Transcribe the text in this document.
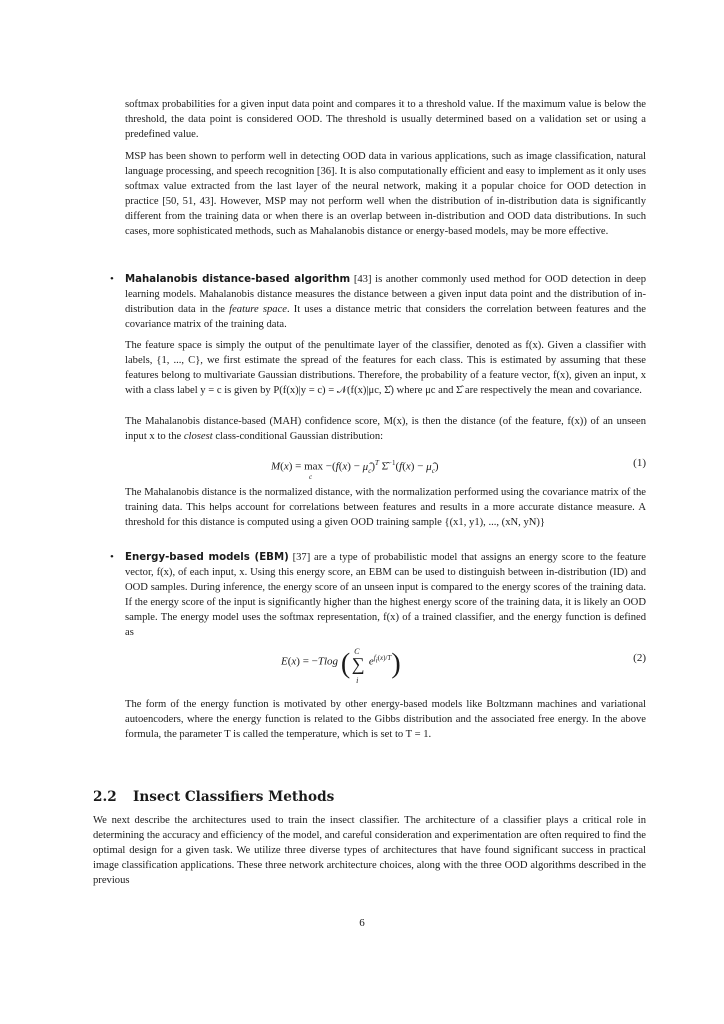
softmax probabilities for a given input data point and compares it to a threshold value. If the maximum value is below the threshold, the data point is considered OOD. The threshold is usually determined based on a validation set or using a predefined value.
MSP has been shown to perform well in detecting OOD data in various applications, such as image classification, natural language processing, and speech recognition [36]. It is also computationally efficient and easy to implement as it only uses softmax value extracted from the last layer of the neural network, making it a popular choice for OOD detection in practice [50, 51, 43]. However, MSP may not perform well when the distribution of in-distribution data is significantly different from the training data or when there is an overlap between in-distribution and OOD data distributions. In such cases, more sophisticated methods, such as Mahalanobis distance or energy-based models, may be more effective.
• Mahalanobis distance-based algorithm [43] is another commonly used method for OOD detection in deep learning models. Mahalanobis distance measures the distance between a given input data point and the distribution of in-distribution data in the feature space. It uses a distance metric that considers the correlation between features and the covariance matrix of the training data.
The feature space is simply the output of the penultimate layer of the classifier, denoted as f(x). Given a classifier with labels, {1, ..., C}, we first estimate the spread of the features for each class. This is estimated by assuming that these features belong to multivariate Gaussian distributions. Therefore, the probability of a feature vector, f(x), given an input, x with a class label y = c is given by P(f(x)|y = c) = 𝒩(f(x)|μc, Σ̂) where μc and Σ̂ are respectively the mean and covariance.
The Mahalanobis distance-based (MAH) confidence score, M(x), is then the distance (of the feature, f(x)) of an unseen input x to the closest class-conditional Gaussian distribution:
M(x) = max
c
$-(f(x) - \mû_c)^T$ Σ̂$^{-1}$(f(x) − $\mû_c$)	(1)
The Mahalanobis distance is the normalized distance, with the normalization performed using the covariance matrix of the training data. This helps account for correlations between features and results in a more accurate distance measure. A threshold for this distance is computed using a given OOD training sample {(x1, y1), ..., (xN, yN)}
• Energy-based models (EBM) [37] are a type of probabilistic model that assigns an energy score to the feature vector, f(x), of each input, x. Using this energy score, an EBM can be used to distinguish between in-distribution (ID) and OOD samples. During inference, the energy score of an unseen input is compared to the energy scores of the training data. If the energy score of the input is significantly higher than the highest energy score of the training data, it is likely an OOD sample. The energy model uses the softmax representation, f(x) of a trained classifier, and the energy function is defined as
E(x) = −Tlog ( C
∑
i
$e^{f_i(x)/T}$)	(2)
The form of the energy function is motivated by other energy-based models like Boltzmann machines and variational autoencoders, where the energy function is related to the Gibbs distribution and the associated free energy. In the above formula, the parameter T is called the temperature, which is set to T = 1.
2.2 Insect Classifiers Methods
We next describe the architectures used to train the insect classifier. The architecture of a classifier plays a critical role in determining the accuracy and efficiency of the model, and careful consideration and experimentation are often required to find the optimal design for a given task. We utilize three diverse types of architectures that have found significant success in practical image classification applications. These three network architecture choices, along with the three OOD algorithms described in the previous
6
